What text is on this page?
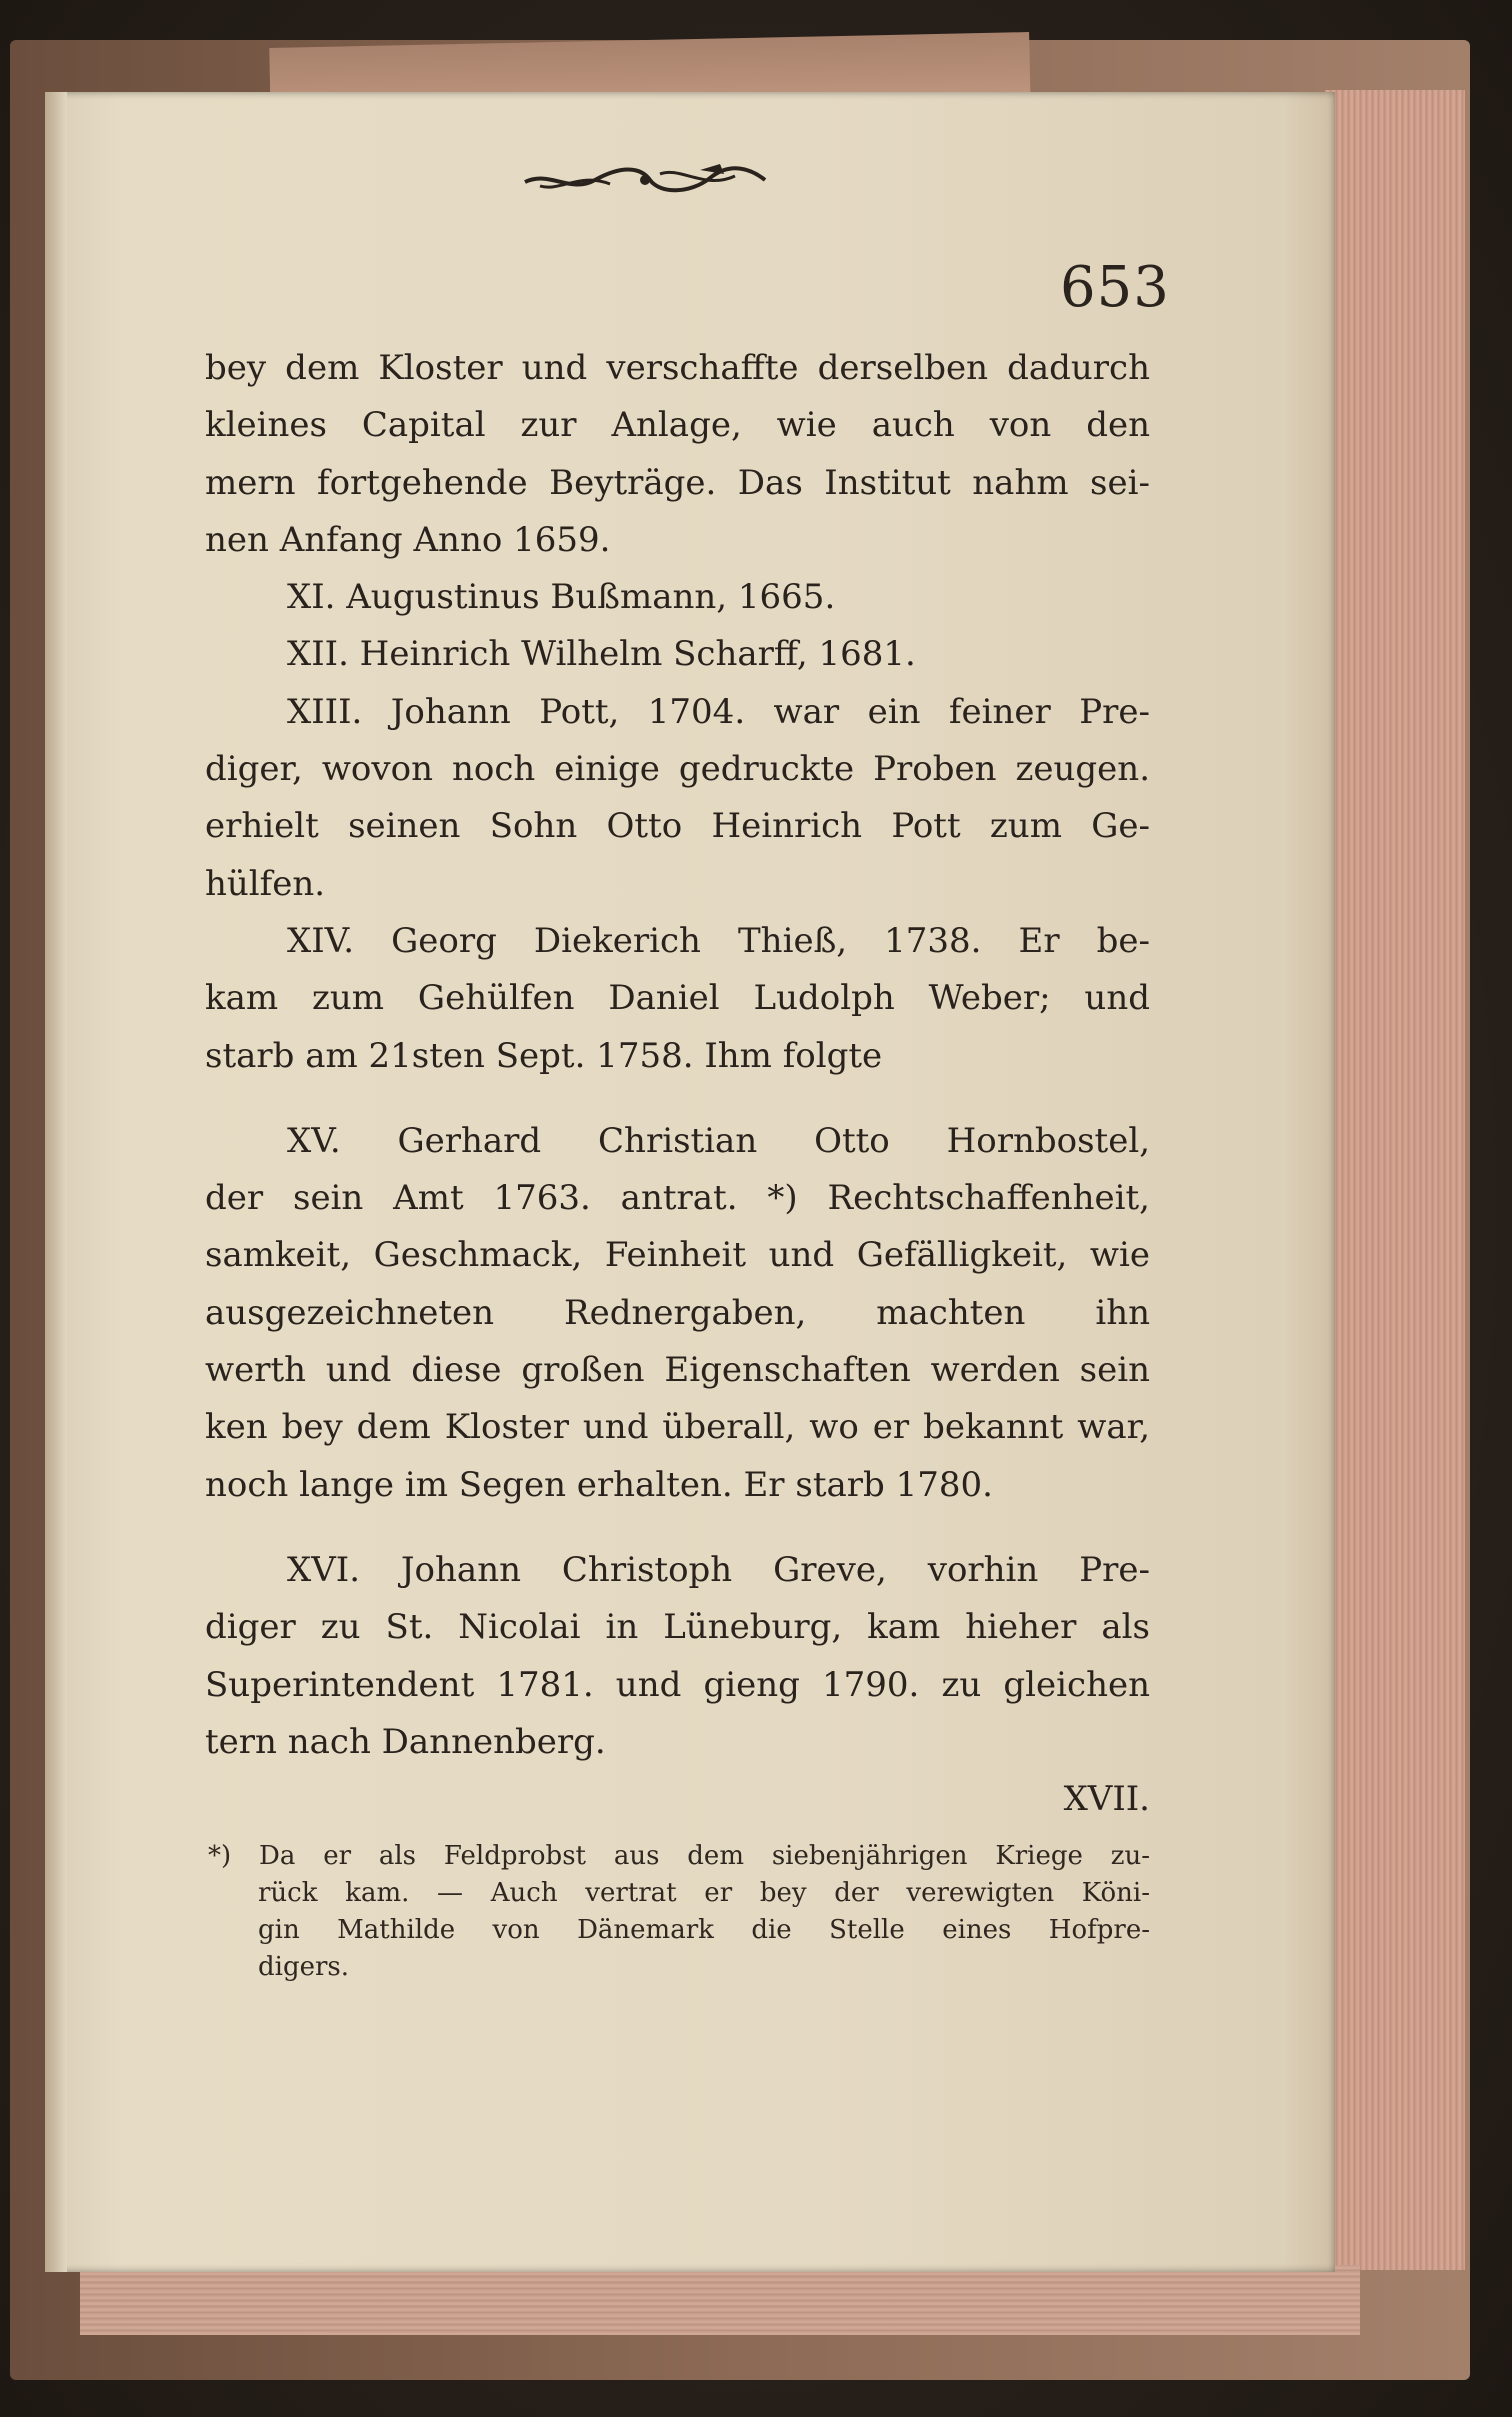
653
bey dem Kloster und verschaffte derselben dadurch
kleines Capital zur Anlage, wie auch von den
mern fortgehende Beyträge. Das Institut nahm sei-
nen Anfang Anno 1659.
XI. Augustinus Bußmann, 1665.
XII. Heinrich Wilhelm Scharff, 1681.
XIII. Johann Pott, 1704. war ein feiner Pre-
diger, wovon noch einige gedruckte Proben zeugen.
erhielt seinen Sohn Otto Heinrich Pott zum Ge-
hülfen.
XIV. Georg Diekerich Thieß, 1738. Er be-
kam zum Gehülfen Daniel Ludolph Weber; und
starb am 21sten Sept. 1758. Ihm folgte
XV. Gerhard Christian Otto Hornbostel,
der sein Amt 1763. antrat. *) Rechtschaffenheit,
samkeit, Geschmack, Feinheit und Gefälligkeit, wie
ausgezeichneten Rednergaben, machten ihn
werth und diese großen Eigenschaften werden sein
ken bey dem Kloster und überall, wo er bekannt war,
noch lange im Segen erhalten. Er starb 1780.
XVI. Johann Christoph Greve, vorhin Pre-
diger zu St. Nicolai in Lüneburg, kam hieher als
Superintendent 1781. und gieng 1790. zu gleichen
tern nach Dannenberg.
XVII.
*) Da er als Feldprobst aus dem siebenjährigen Kriege zu-
rück kam. — Auch vertrat er bey der verewigten Köni-
gin Mathilde von Dänemark die Stelle eines Hofpre-
digers.
